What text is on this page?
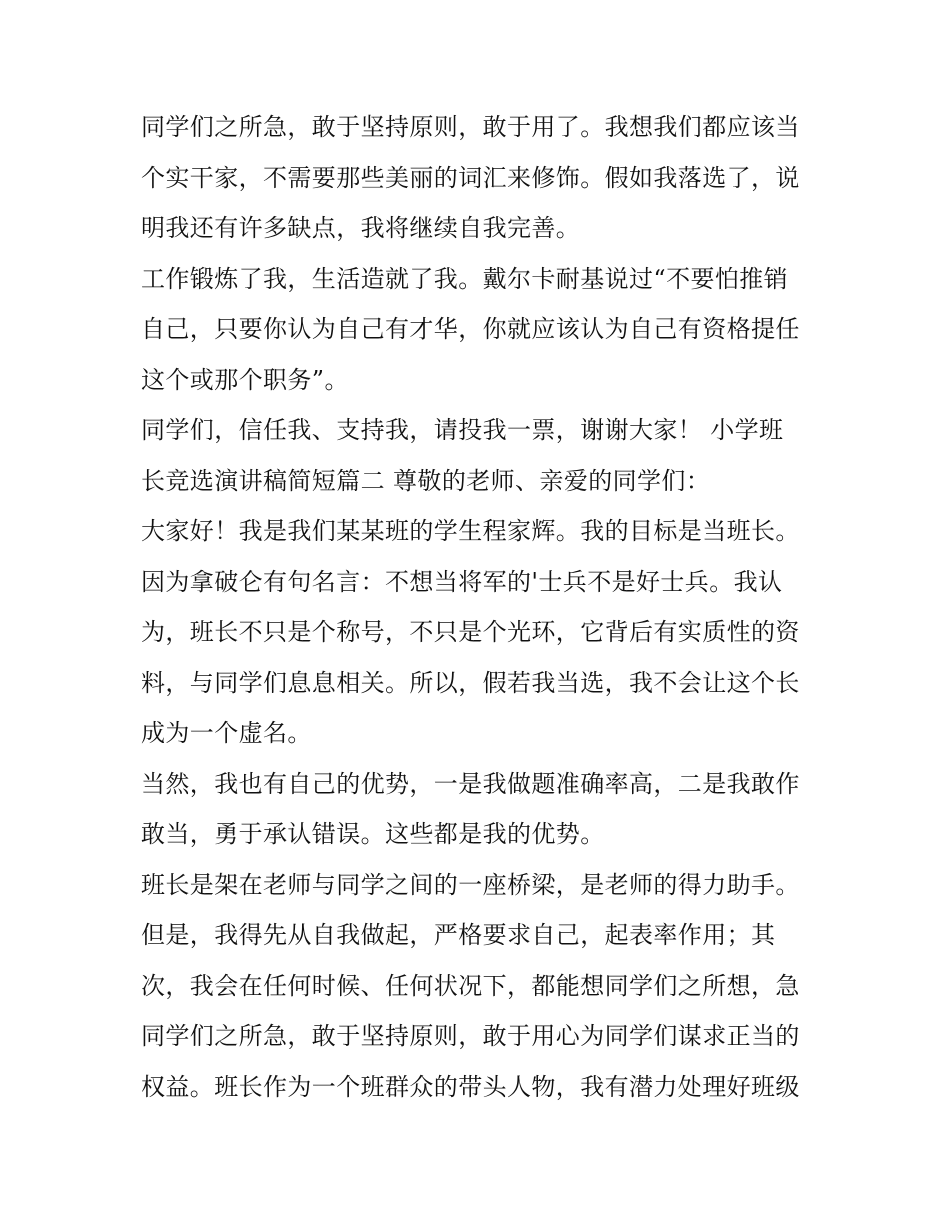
同学们之所急，敢于坚持原则，敢于用了。我想我们都应该当
个实干家，不需要那些美丽的词汇来修饰。假如我落选了，说
明我还有许多缺点，我将继续自我完善。
工作锻炼了我，生活造就了我。戴尔卡耐基说过“不要怕推销
自己，只要你认为自己有才华，你就应该认为自己有资格提任
这个或那个职务”。
同学们，信任我、支持我，请投我一票，谢谢大家！ 小学班
长竞选演讲稿简短篇二 尊敬的老师、亲爱的同学们：
大家好！我是我们某某班的学生程家辉。我的目标是当班长。
因为拿破仑有句名言：不想当将军的'士兵不是好士兵。我认
为，班长不只是个称号，不只是个光环，它背后有实质性的资
料，与同学们息息相关。所以，假若我当选，我不会让这个长
成为一个虚名。
当然，我也有自己的优势，一是我做题准确率高，二是我敢作
敢当，勇于承认错误。这些都是我的优势。
班长是架在老师与同学之间的一座桥梁，是老师的得力助手。
但是，我得先从自我做起，严格要求自己，起表率作用；其
次，我会在任何时候、任何状况下，都能想同学们之所想，急
同学们之所急，敢于坚持原则，敢于用心为同学们谋求正当的
权益。班长作为一个班群众的带头人物，我有潜力处理好班级
